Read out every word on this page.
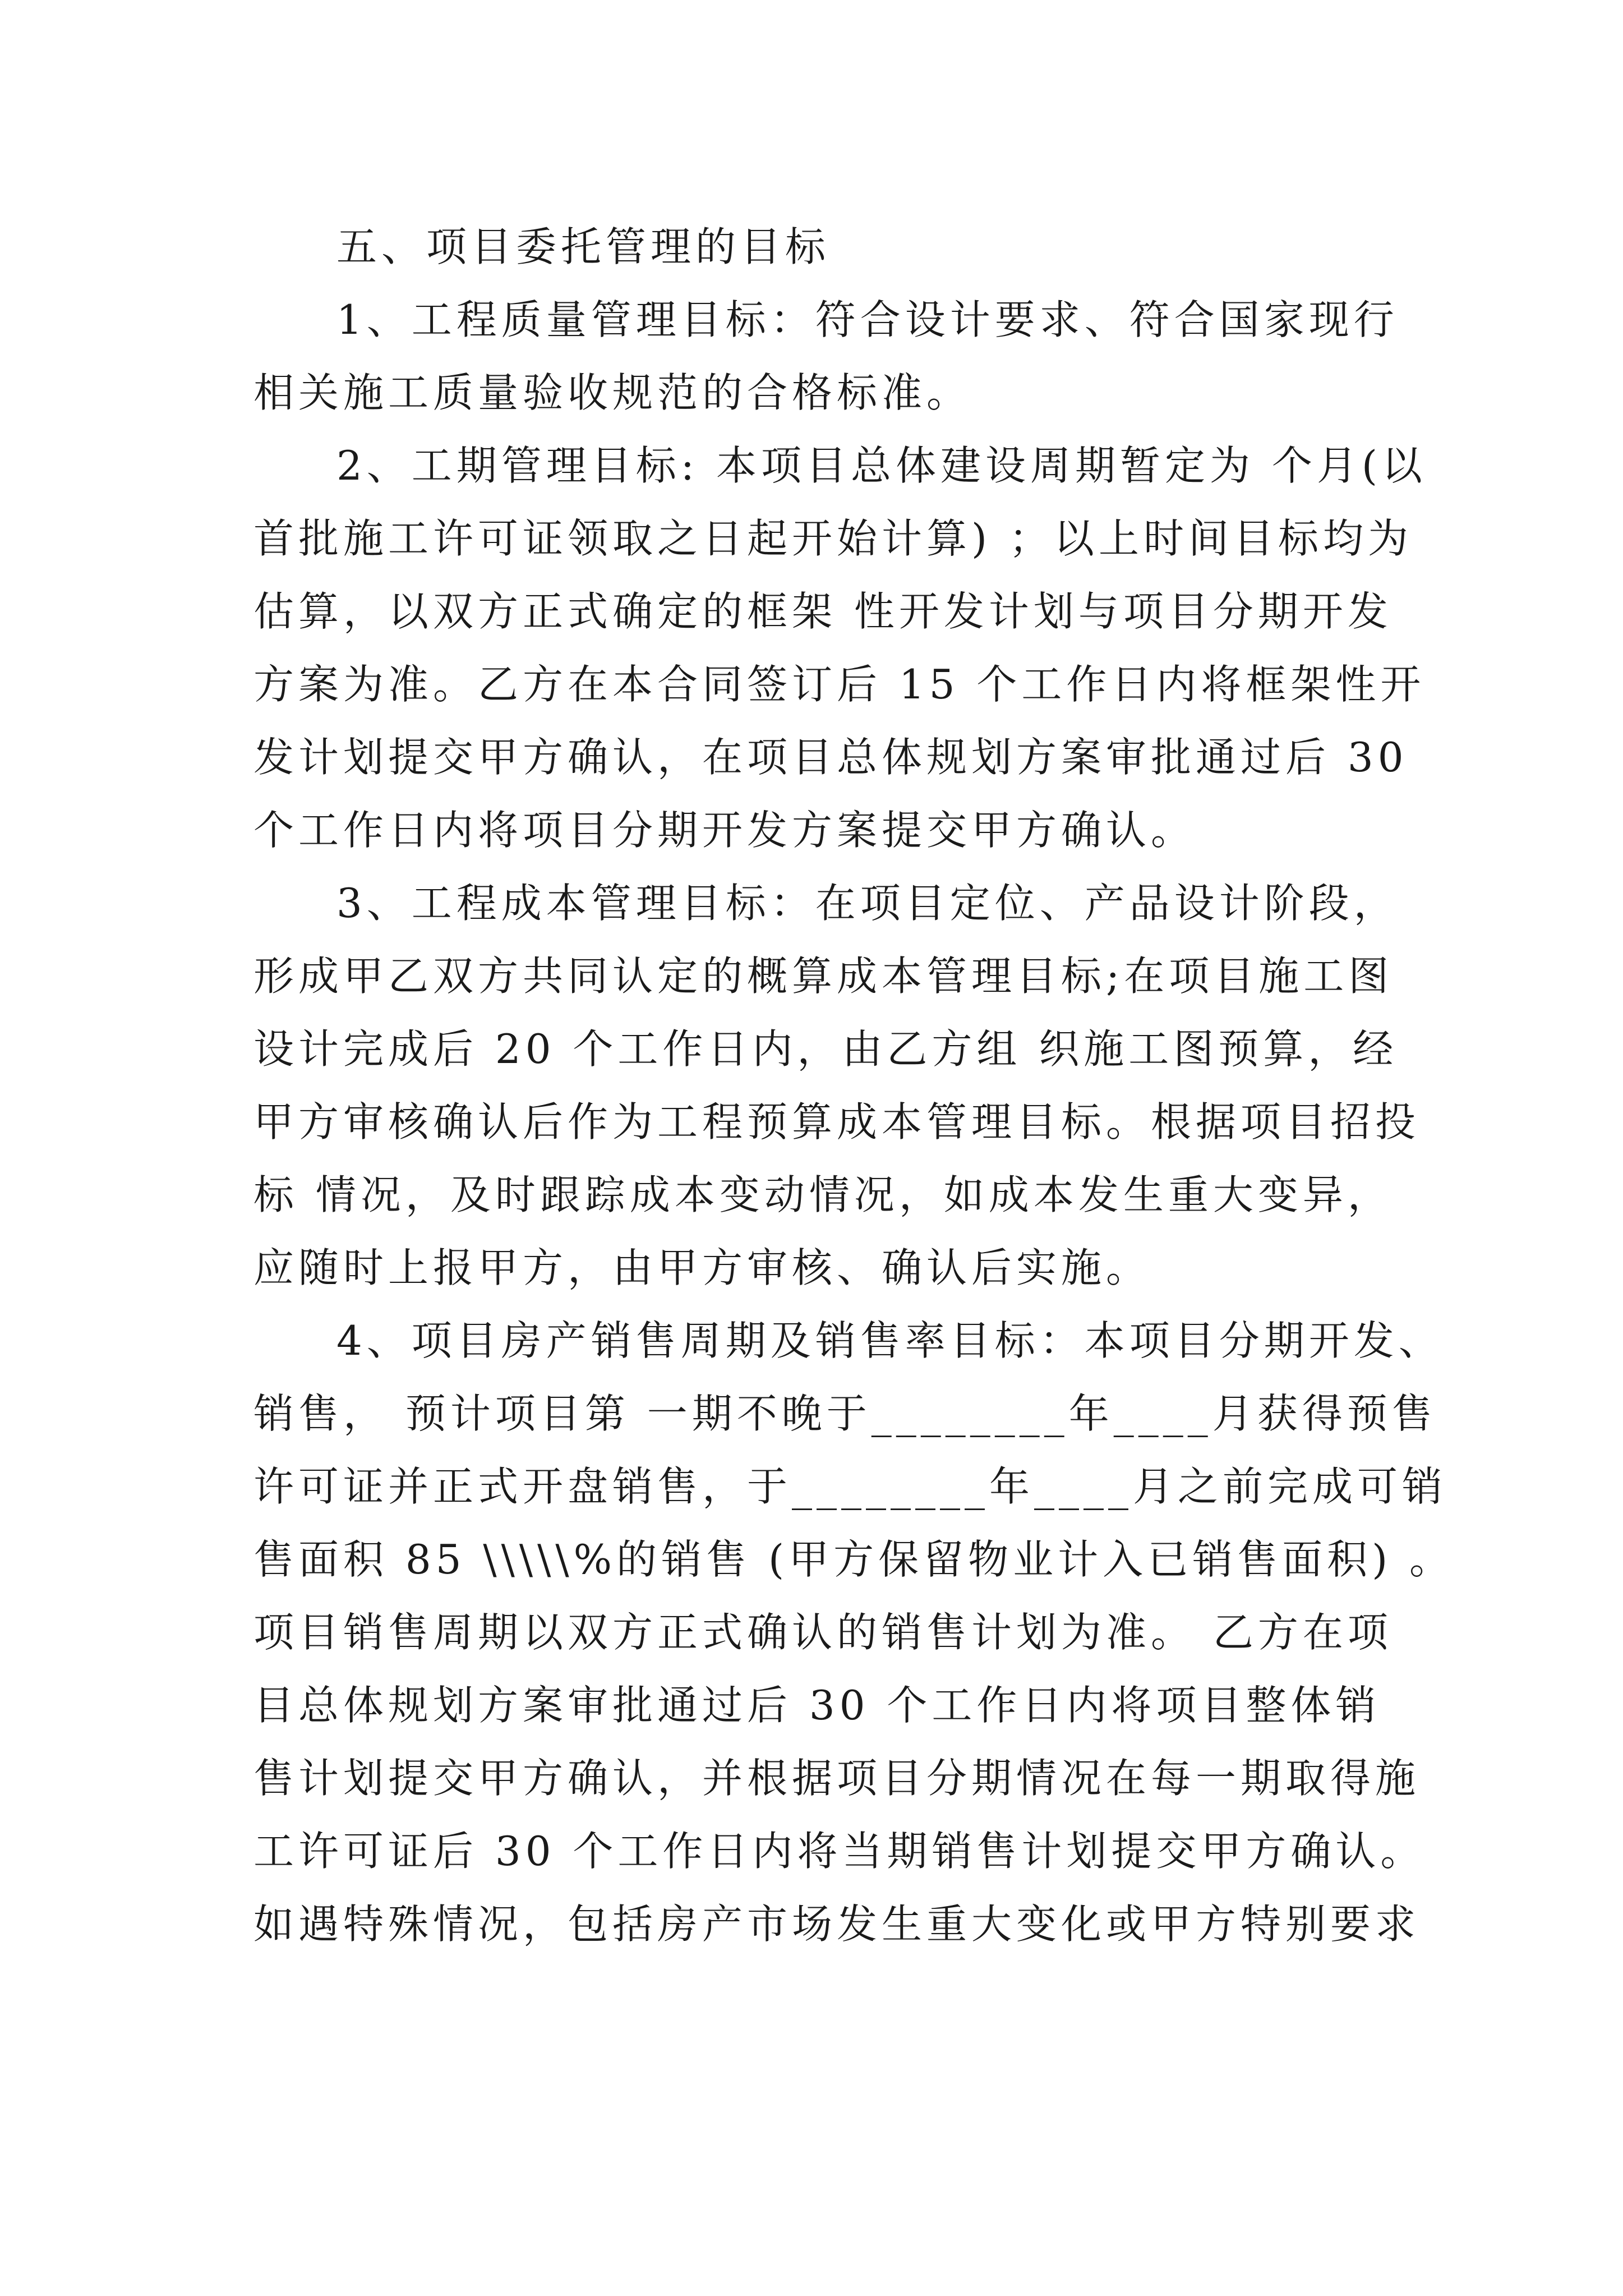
五、项目委托管理的目标
1、工程质量管理目标：符合设计要求、符合国家现行
相关施工质量验收规范的合格标准。
2、工期管理目标: 本项目总体建设周期暂定为 个月(以
首批施工许可证领取之日起开始计算) ；以上时间目标均为
估算，以双方正式确定的框架 性开发计划与项目分期开发
方案为准。乙方在本合同签订后 15 个工作日内将框架性开
发计划提交甲方确认，在项目总体规划方案审批通过后 30
个工作日内将项目分期开发方案提交甲方确认。
3、工程成本管理目标：在项目定位、产品设计阶段，
形成甲乙双方共同认定的概算成本管理目标;在项目施工图
设计完成后 20 个工作日内，由乙方组 织施工图预算，经
甲方审核确认后作为工程预算成本管理目标。根据项目招投
标 情况，及时跟踪成本变动情况，如成本发生重大变异，
应随时上报甲方，由甲方审核、确认后实施。
4、项目房产销售周期及销售率目标：本项目分期开发、
销售， 预计项目第 一期不晚于________年____月获得预售
许可证并正式开盘销售，于________年____月之前完成可销
售面积 85 \\\\\%的销售 (甲方保留物业计入已销售面积) 。
项目销售周期以双方正式确认的销售计划为准。 乙方在项
目总体规划方案审批通过后 30 个工作日内将项目整体销
售计划提交甲方确认，并根据项目分期情况在每一期取得施
工许可证后 30 个工作日内将当期销售计划提交甲方确认。
如遇特殊情况，包括房产市场发生重大变化或甲方特别要求
